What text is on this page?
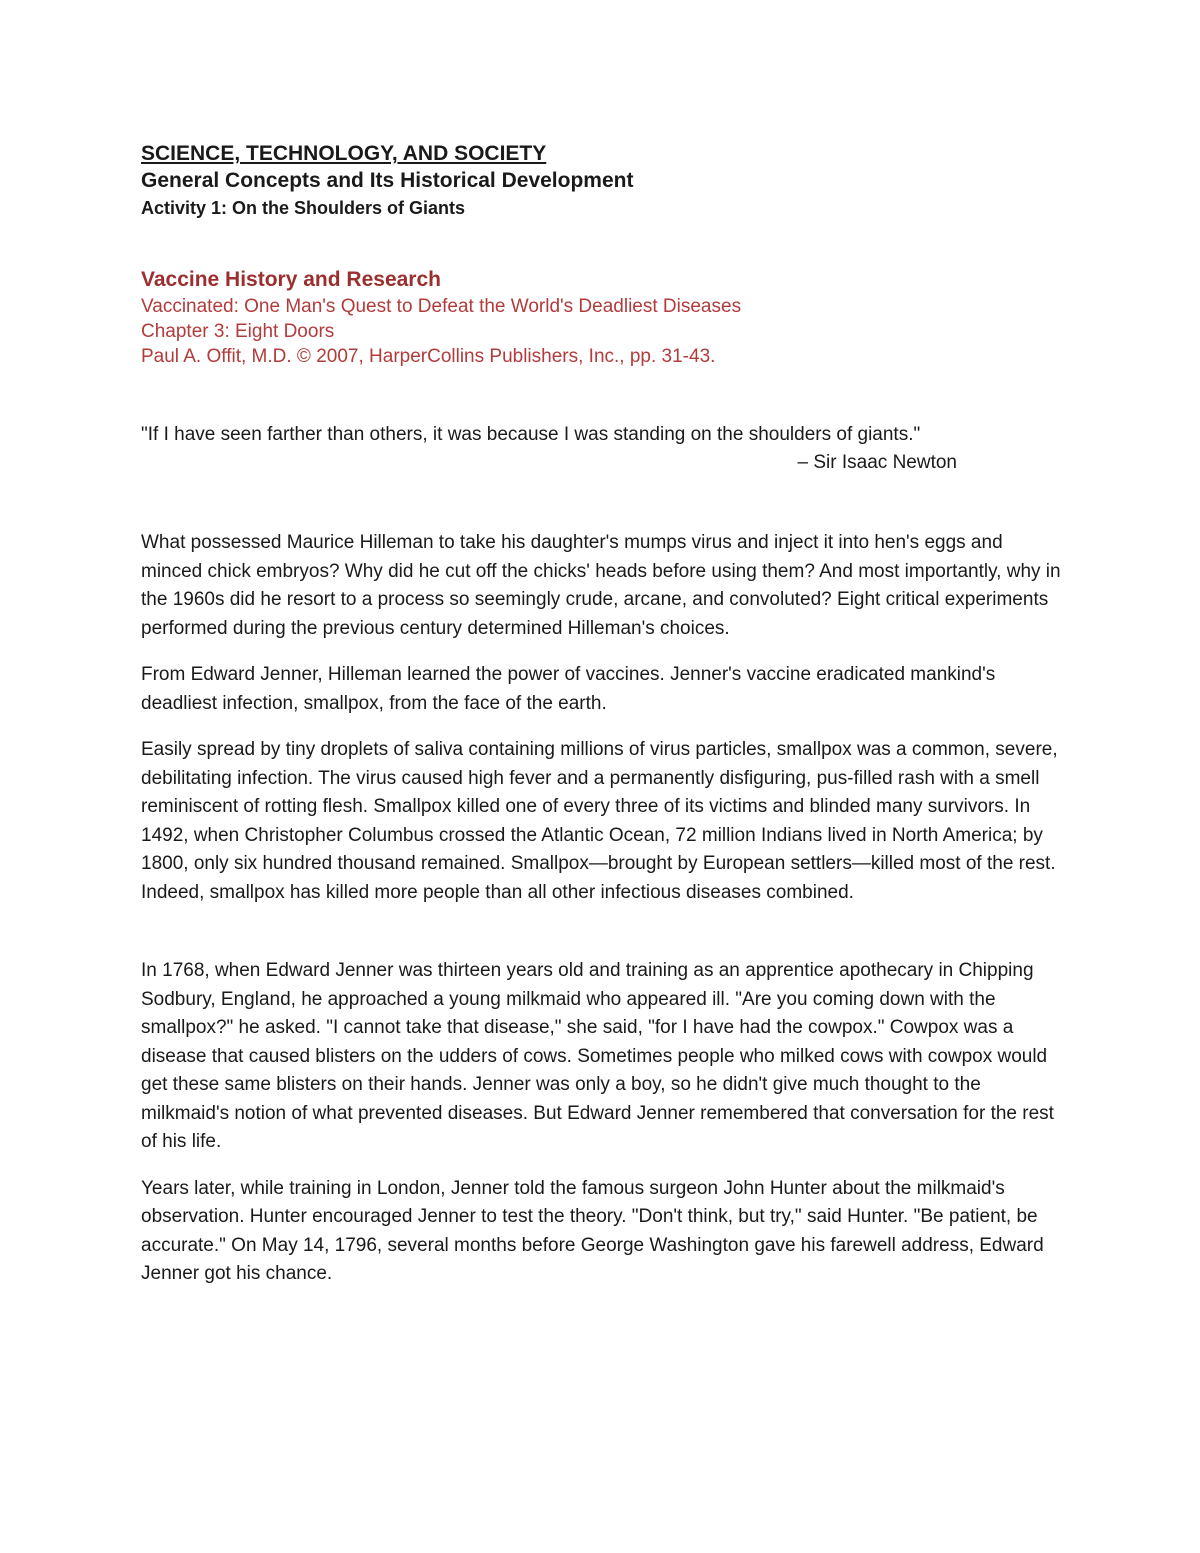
SCIENCE, TECHNOLOGY, AND SOCIETY
General Concepts and Its Historical Development
Activity 1: On the Shoulders of Giants
Vaccine History and Research

Vaccinated: One Man's Quest to Defeat the World's Deadliest Diseases

Chapter 3: Eight Doors

Paul A. Offit, M.D. © 2007, HarperCollins Publishers, Inc., pp. 31-43.

"If I have seen farther than others, it was because I was standing on the shoulders of giants."

– Sir Isaac Newton

What possessed Maurice Hilleman to take his daughter's mumps virus and inject it into hen's eggs and minced chick embryos? Why did he cut off the chicks' heads before using them? And most importantly, why in the 1960s did he resort to a process so seemingly crude, arcane, and convoluted? Eight critical experiments performed during the previous century determined Hilleman's choices.

From Edward Jenner, Hilleman learned the power of vaccines. Jenner's vaccine eradicated mankind's deadliest infection, smallpox, from the face of the earth.

Easily spread by tiny droplets of saliva containing millions of virus particles, smallpox was a common, severe, debilitating infection. The virus caused high fever and a permanently disfiguring, pus-filled rash with a smell reminiscent of rotting flesh. Smallpox killed one of every three of its victims and blinded many survivors. In 1492, when Christopher Columbus crossed the Atlantic Ocean, 72 million Indians lived in North America; by 1800, only six hundred thousand remained. Smallpox—brought by European settlers—killed most of the rest. Indeed, smallpox has killed more people than all other infectious diseases combined.

In 1768, when Edward Jenner was thirteen years old and training as an apprentice apothecary in Chipping Sodbury, England, he approached a young milkmaid who appeared ill. "Are you coming down with the smallpox?" he asked. "I cannot take that disease," she said, "for I have had the cowpox." Cowpox was a disease that caused blisters on the udders of cows. Sometimes people who milked cows with cowpox would get these same blisters on their hands. Jenner was only a boy, so he didn't give much thought to the milkmaid's notion of what prevented diseases. But Edward Jenner remembered that conversation for the rest of his life.

Years later, while training in London, Jenner told the famous surgeon John Hunter about the milkmaid's observation. Hunter encouraged Jenner to test the theory. "Don't think, but try," said Hunter. "Be patient, be accurate." On May 14, 1796, several months before George Washington gave his farewell address, Edward Jenner got his chance.
